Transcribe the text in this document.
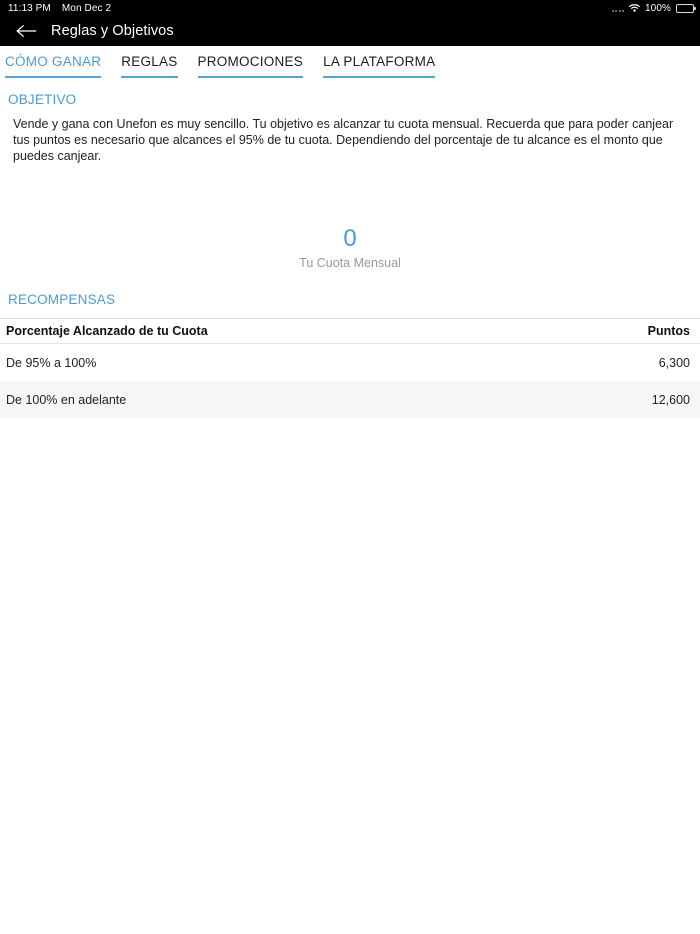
11:13 PM Mon Dec 2	100%
Reglas y Objetivos
CÓMO GANAR REGLAS PROMOCIONES LA PLATAFORMA
OBJETIVO
Vende y gana con Unefon es muy sencillo. Tu objetivo es alcanzar tu cuota mensual. Recuerda que para poder canjear tus puntos es necesario que alcances el 95% de tu cuota. Dependiendo del porcentaje de tu alcance es el monto que puedes canjear.
0
Tu Cuota Mensual
RECOMPENSAS
Porcentaje Alcanzado de tu Cuota	Puntos
De 95% a 100%	6,300
De 100% en adelante	12,600
